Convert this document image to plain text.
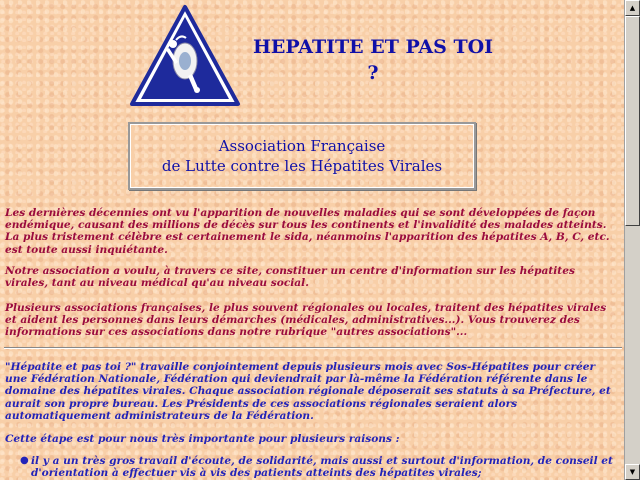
HEPATITE ET PAS TOI
?
Association Française
de Lutte contre les Hépatites Virales

Les dernières décennies ont vu l'apparition de nouvelles maladies qui se sont développées de façon endémique, causant des millions de décès sur tous les continents et l'invalidité des malades atteints. La plus tristement célèbre est certainement le sida, néanmoins l'apparition des hépatites A, B, C, etc. est toute aussi inquiétante.

Notre association a voulu, à travers ce site, constituer un centre d'information sur les hépatites virales, tant au niveau médical qu'au niveau social.

Plusieurs associations françaises, le plus souvent régionales ou locales, traitent des hépatites virales et aident les personnes dans leurs démarches (médicales, administratives...). Vous trouverez des informations sur ces associations dans notre rubrique "autres associations"...

"Hépatite et pas toi ?" travaille conjointement depuis plusieurs mois avec Sos-Hépatites pour créer une Fédération Nationale, Fédération qui deviendrait par là-même la Fédération référente dans le domaine des hépatites virales. Chaque association régionale déposerait ses statuts à sa Préfecture, et aurait son propre bureau. Les Présidents de ces associations régionales seraient alors automatiquement administrateurs de la Fédération.

Cette étape est pour nous très importante pour plusieurs raisons :

● il y a un très gros travail d'écoute, de solidarité, mais aussi et surtout d'information, de conseil et d'orientation à effectuer vis à vis des patients atteints des hépatites virales;
▲
▼
